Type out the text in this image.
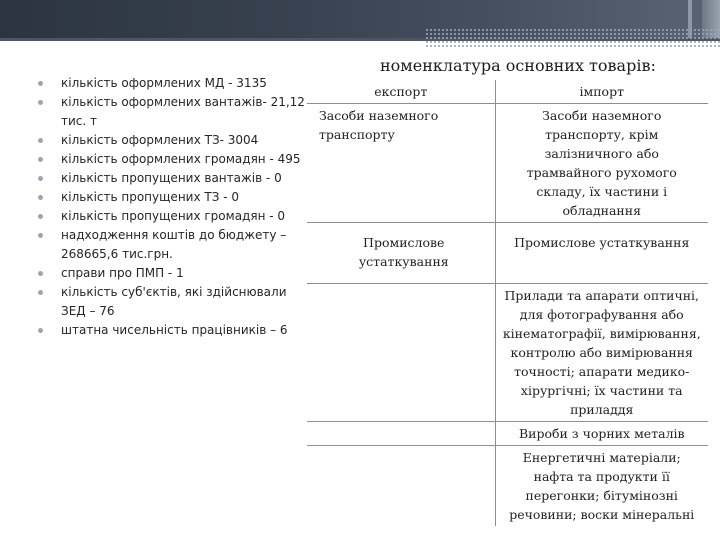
номенклатура основних товарів:
кількість оформлених МД - 3135
кількість оформлених вантажів- 21,12 тис. т
кількість оформлених ТЗ- 3004
кількість оформлених громадян - 495
кількість пропущених вантажів - 0
кількість пропущених ТЗ - 0
кількість пропущених громадян - 0
надходження коштів до бюджету – 268665,6 тис.грн.
справи про ПМП - 1
кількість суб'єктів, які здійснювали ЗЕД – 76
штатна чисельність працівників – 6
експорт	імпорт
Засоби наземного транспорту	Засоби наземного транспорту, крім залізничного або трамвайного рухомого складу, їх частини і обладнання
Промислове устаткування	Промислове устаткування
	Прилади та апарати оптичні, для фотографування або кінематографії, вимірювання, контролю або вимірювання точності; апарати медико-хірургічні; їх частини та приладдя
	Вироби з чорних металів
	Енергетичні матеріали; нафта та продукти її перегонки; бітумінозні речовини; воски мінеральні
